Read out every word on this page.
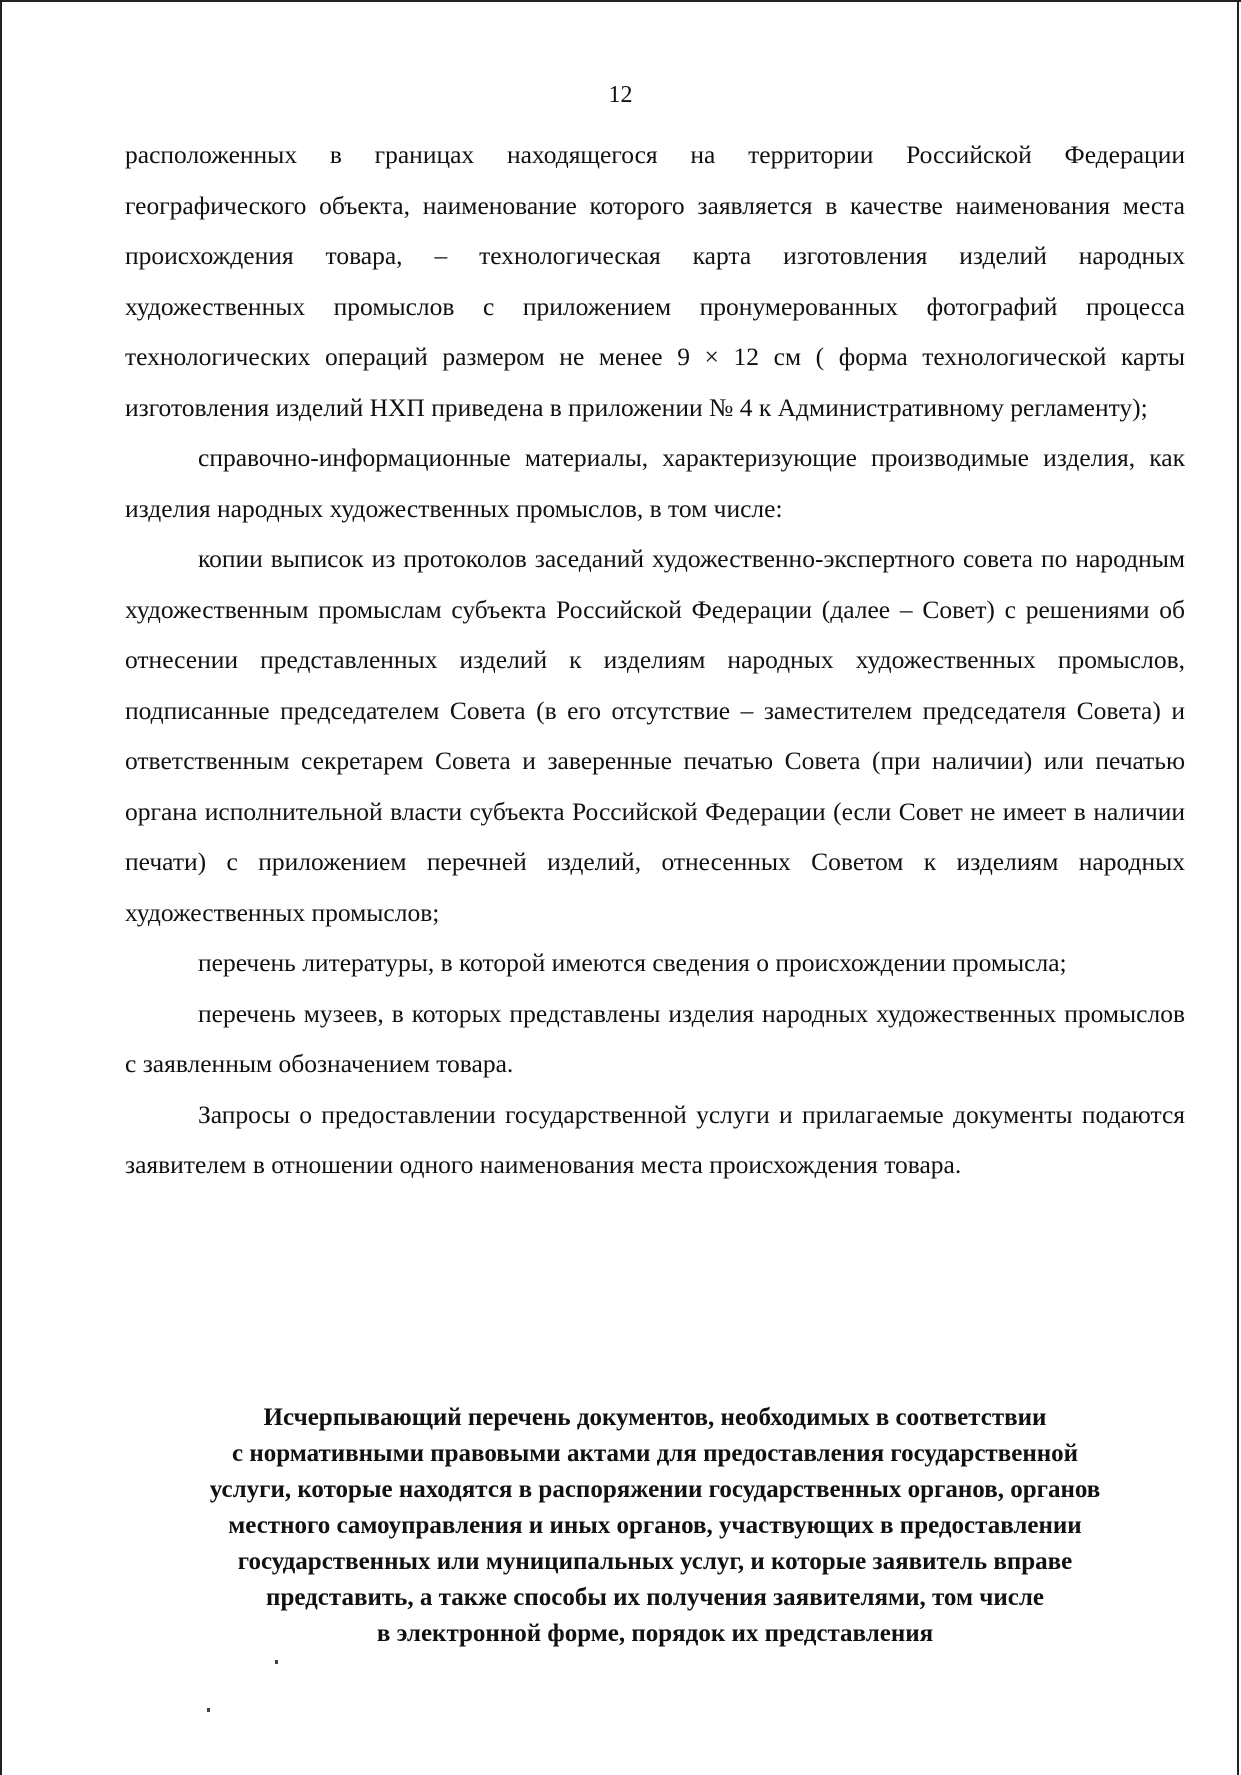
12

расположенных в границах находящегося на территории Российской Федерации географического объекта, наименование которого заявляется в качестве наименования места происхождения товара, – технологическая карта изготовления изделий народных художественных промыслов с приложением пронумерованных фотографий процесса технологических операций размером не менее 9 × 12 см ( форма технологической карты изготовления изделий НХП приведена в приложении № 4 к Административному регламенту);

справочно-информационные материалы, характеризующие производимые изделия, как изделия народных художественных промыслов, в том числе:

копии выписок из протоколов заседаний художественно-экспертного совета по народным художественным промыслам субъекта Российской Федерации (далее – Совет) с решениями об отнесении представленных изделий к изделиям народных художественных промыслов, подписанные председателем Совета (в его отсутствие – заместителем председателя Совета) и ответственным секретарем Совета и заверенные печатью Совета (при наличии) или печатью органа исполнительной власти субъекта Российской Федерации (если Совет не имеет в наличии печати) с приложением перечней изделий, отнесенных Советом к изделиям народных художественных промыслов;

перечень литературы, в которой имеются сведения о происхождении промысла;

перечень музеев, в которых представлены изделия народных художественных промыслов с заявленным обозначением товара.

Запросы о предоставлении государственной услуги и прилагаемые документы подаются заявителем в отношении одного наименования места происхождения товара.

Исчерпывающий перечень документов, необходимых в соответствии
с нормативными правовыми актами для предоставления государственной
услуги, которые находятся в распоряжении государственных органов, органов
местного самоуправления и иных органов, участвующих в предоставлении
государственных или муниципальных услуг, и которые заявитель вправе
представить, а также способы их получения заявителями, том числе
в электронной форме, порядок их представления
